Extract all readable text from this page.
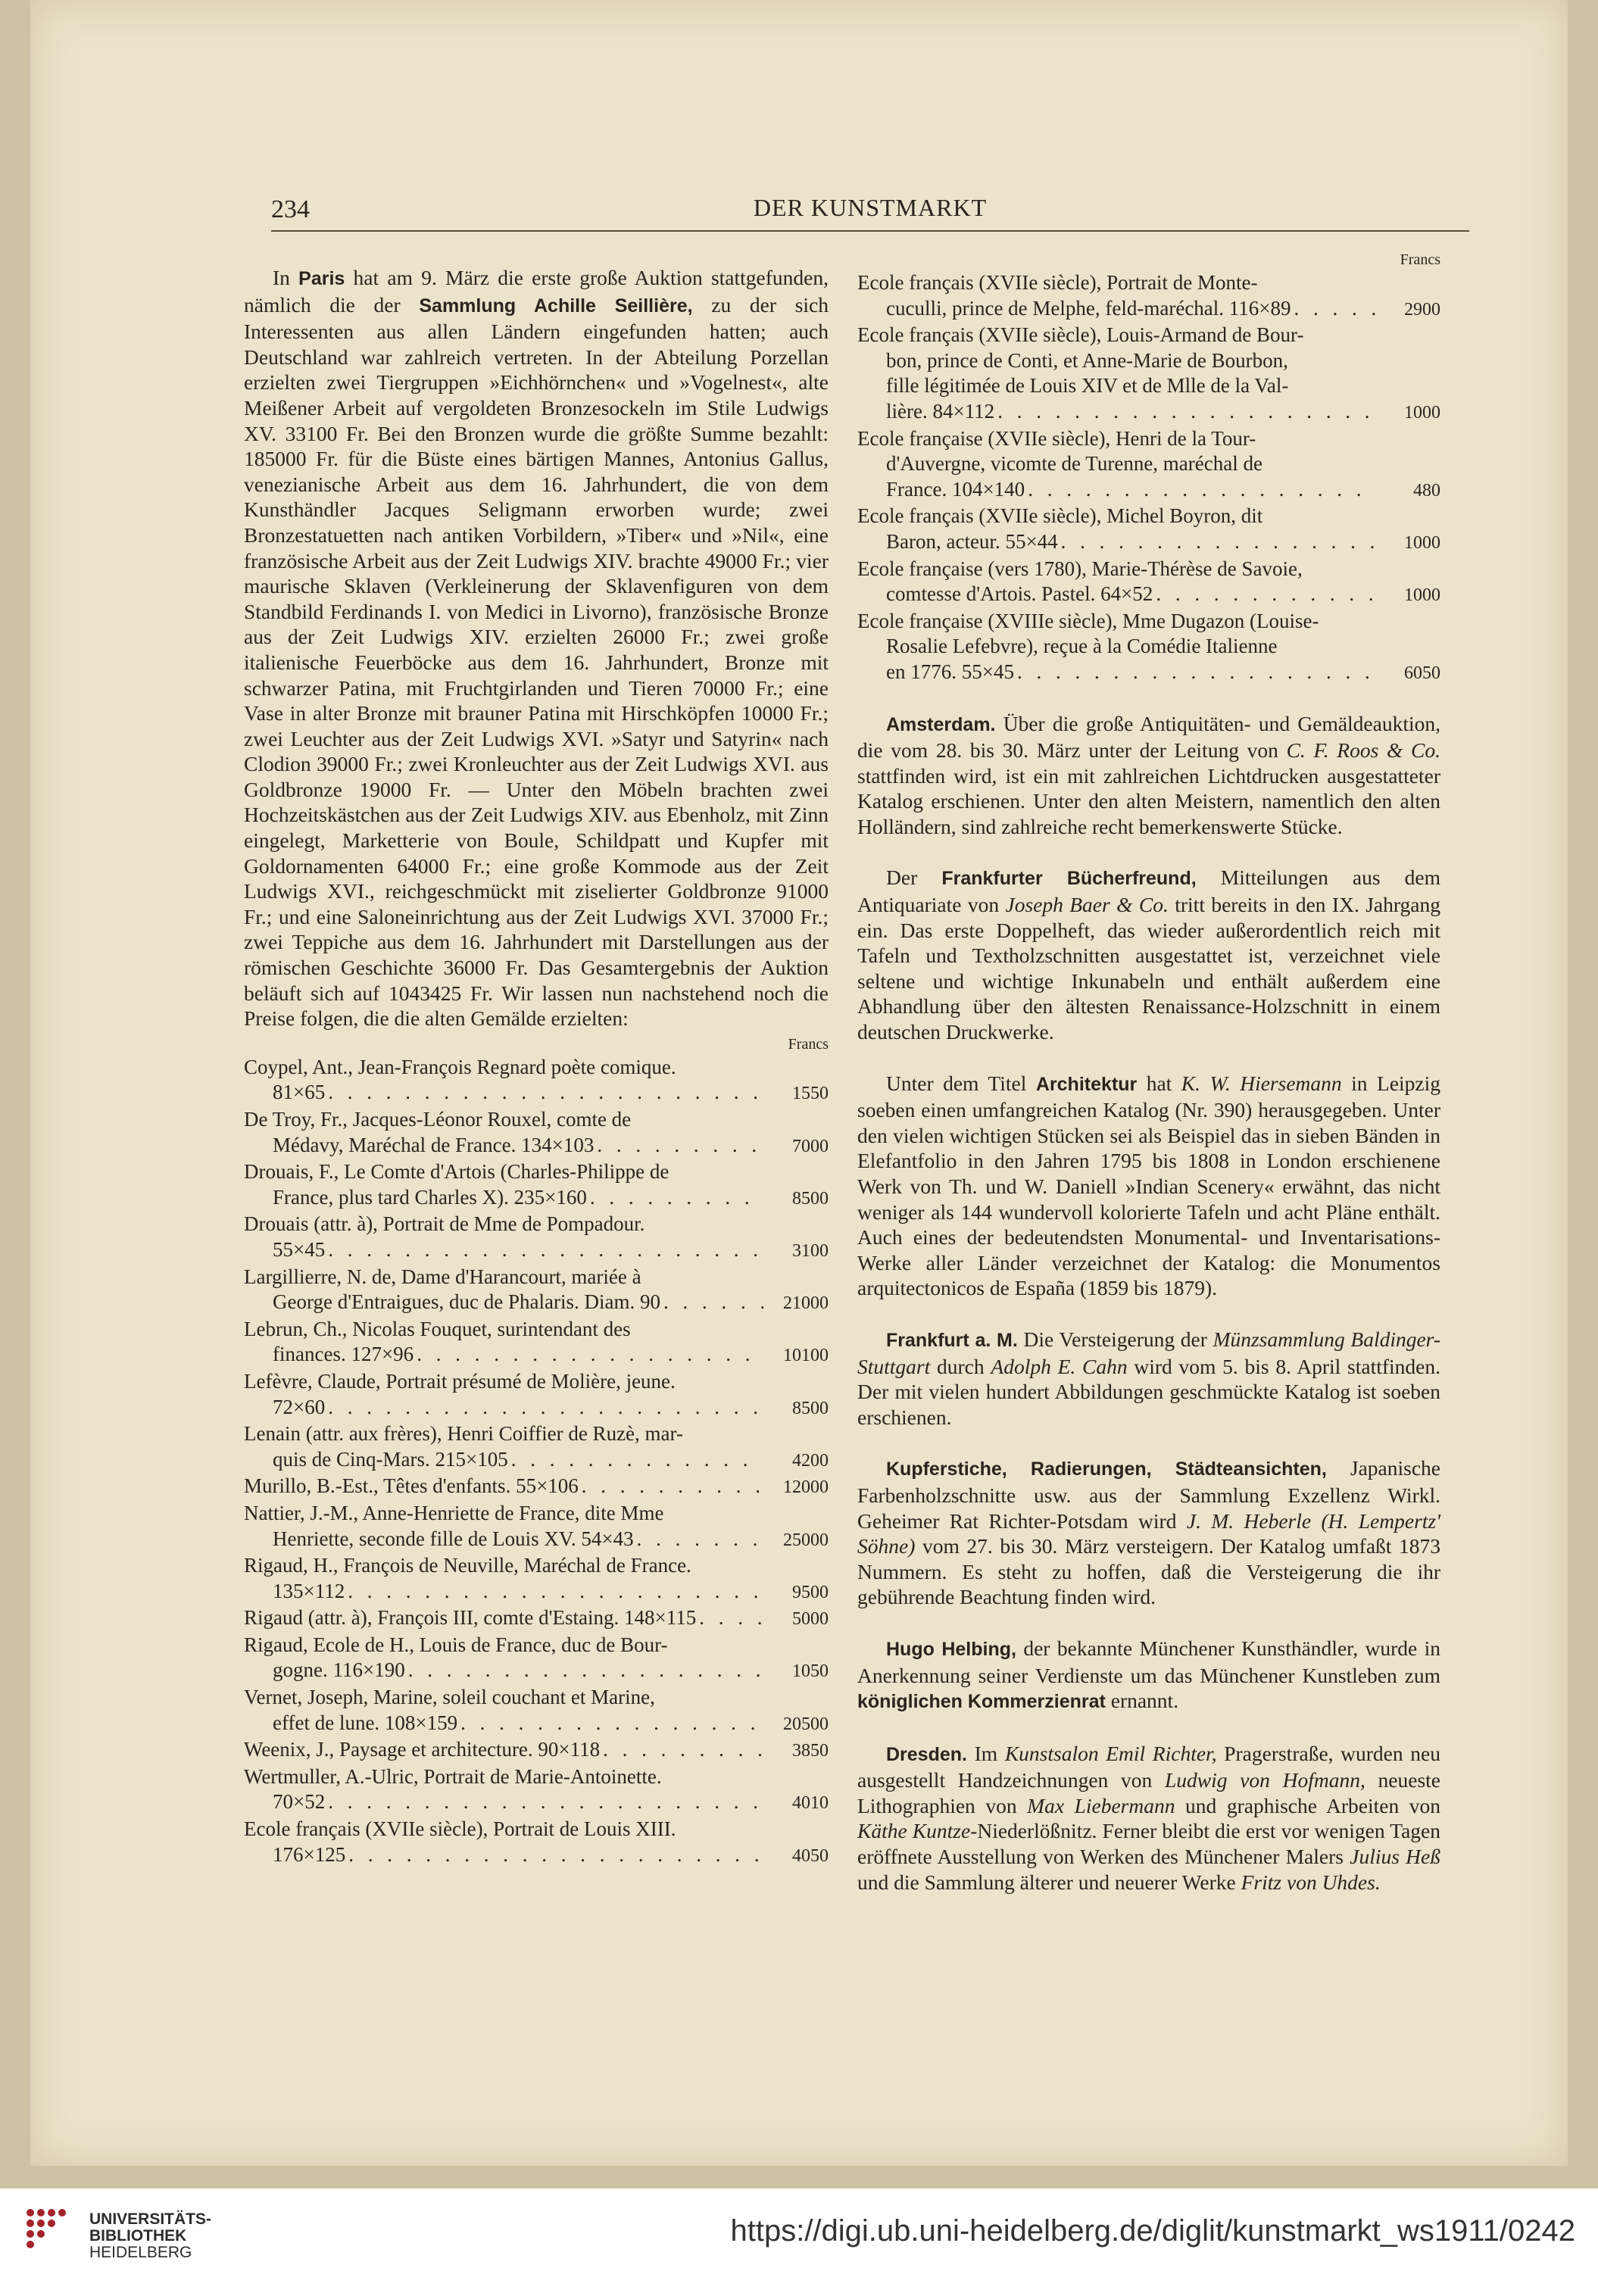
234	DER KUNSTMARKT

In Paris hat am 9. März die erste große Auktion stattgefunden, nämlich die der Sammlung Achille Seillière, zu der sich Interessenten aus allen Ländern eingefunden hatten; auch Deutschland war zahlreich vertreten. In der Abteilung Porzellan erzielten zwei Tiergruppen »Eichhörnchen« und »Vogelnest«, alte Meißener Arbeit auf vergoldeten Bronzesockeln im Stile Ludwigs XV. 33100 Fr. Bei den Bronzen wurde die größte Summe bezahlt: 185000 Fr. für die Büste eines bärtigen Mannes, Antonius Gallus, venezianische Arbeit aus dem 16. Jahrhundert, die von dem Kunsthändler Jacques Seligmann erworben wurde; zwei Bronzestatuetten nach antiken Vorbildern, »Tiber« und »Nil«, eine französische Arbeit aus der Zeit Ludwigs XIV. brachte 49000 Fr.; vier maurische Sklaven (Verkleinerung der Sklavenfiguren von dem Standbild Ferdinands I. von Medici in Livorno), französische Bronze aus der Zeit Ludwigs XIV. erzielten 26000 Fr.; zwei große italienische Feuerböcke aus dem 16. Jahrhundert, Bronze mit schwarzer Patina, mit Fruchtgirlanden und Tieren 70000 Fr.; eine Vase in alter Bronze mit brauner Patina mit Hirschköpfen 10000 Fr.; zwei Leuchter aus der Zeit Ludwigs XVI. »Satyr und Satyrin« nach Clodion 39000 Fr.; zwei Kronleuchter aus der Zeit Ludwigs XVI. aus Goldbronze 19000 Fr. — Unter den Möbeln brachten zwei Hochzeitskästchen aus der Zeit Ludwigs XIV. aus Ebenholz, mit Zinn eingelegt, Marketterie von Boule, Schildpatt und Kupfer mit Goldornamenten 64000 Fr.; eine große Kommode aus der Zeit Ludwigs XVI., reichgeschmückt mit ziselierter Goldbronze 91000 Fr.; und eine Saloneinrichtung aus der Zeit Ludwigs XVI. 37000 Fr.; zwei Teppiche aus dem 16. Jahrhundert mit Darstellungen aus der römischen Geschichte 36000 Fr. Das Gesamtergebnis der Auktion beläuft sich auf 1043425 Fr. Wir lassen nun nachstehend noch die Preise folgen, die die alten Gemälde erzielten:

Francs
Coypel, Ant., Jean-François Regnard poète comique.
81×65 . . .	1550
De Troy, Fr., Jacques-Léonor Rouxel, comte de
Médavy, Maréchal de France. 134×103 . . .	7000
Drouais, F., Le Comte d'Artois (Charles-Philippe de
France, plus tard Charles X). 235×160 . . .	8500
Drouais (attr. à), Portrait de Mme de Pompadour.
55×45 . . .	3100
Largillierre, N. de, Dame d'Harancourt, mariée à
George d'Entraigues, duc de Phalaris. Diam. 90 . . .	21000
Lebrun, Ch., Nicolas Fouquet, surintendant des
finances. 127×96 . . .	10100
Lefèvre, Claude, Portrait présumé de Molière, jeune.
72×60 . . .	8500
Lenain (attr. aux frères), Henri Coiffier de Ruzè, mar-
quis de Cinq-Mars. 215×105 . . .	4200
Murillo, B.-Est., Têtes d'enfants. 55×106 . . .	12000
Nattier, J.-M., Anne-Henriette de France, dite Mme
Henriette, seconde fille de Louis XV. 54×43 . . .	25000
Rigaud, H., François de Neuville, Maréchal de France.
135×112 . . .	9500
Rigaud (attr. à), François III, comte d'Estaing. 148×115 . . .	5000
Rigaud, Ecole de H., Louis de France, duc de Bour-
gogne. 116×190 . . .	1050
Vernet, Joseph, Marine, soleil couchant et Marine,
effet de lune. 108×159 . . .	20500
Weenix, J., Paysage et architecture. 90×118 . . .	3850
Wertmuller, A.-Ulric, Portrait de Marie-Antoinette.
70×52 . . .	4010
Ecole français (XVIIe siècle), Portrait de Louis XIII.
176×125 . . .	4050
Francs
Ecole français (XVIIe siècle), Portrait de Monte-
cuculli, prince de Melphe, feld-maréchal. 116×89 . . .	2900
Ecole français (XVIIe siècle), Louis-Armand de Bour-
bon, prince de Conti, et Anne-Marie de Bourbon,
fille légitimée de Louis XIV et de Mlle de la Val-
lière. 84×112 . . .	1000
Ecole française (XVIIe siècle), Henri de la Tour-
d'Auvergne, vicomte de Turenne, maréchal de
France. 104×140 . . .	480
Ecole français (XVIIe siècle), Michel Boyron, dit
Baron, acteur. 55×44 . . .	1000
Ecole française (vers 1780), Marie-Thérèse de Savoie,
comtesse d'Artois. Pastel. 64×52 . . .	1000
Ecole française (XVIIIe siècle), Mme Dugazon (Louise-
Rosalie Lefebvre), reçue à la Comédie Italienne
en 1776. 55×45 . . .	6050

Amsterdam. Über die große Antiquitäten- und Gemäldeauktion, die vom 28. bis 30. März unter der Leitung von C. F. Roos & Co. stattfinden wird, ist ein mit zahlreichen Lichtdrucken ausgestatteter Katalog erschienen. Unter den alten Meistern, namentlich den alten Holländern, sind zahlreiche recht bemerkenswerte Stücke.

Der Frankfurter Bücherfreund, Mitteilungen aus dem Antiquariate von Joseph Baer & Co. tritt bereits in den IX. Jahrgang ein. Das erste Doppelheft, das wieder außerordentlich reich mit Tafeln und Textholzschnitten ausgestattet ist, verzeichnet viele seltene und wichtige Inkunabeln und enthält außerdem eine Abhandlung über den ältesten Renaissance-Holzschnitt in einem deutschen Druckwerke.

Unter dem Titel Architektur hat K. W. Hiersemann in Leipzig soeben einen umfangreichen Katalog (Nr. 390) herausgegeben. Unter den vielen wichtigen Stücken sei als Beispiel das in sieben Bänden in Elefantfolio in den Jahren 1795 bis 1808 in London erschienene Werk von Th. und W. Daniell »Indian Scenery« erwähnt, das nicht weniger als 144 wundervoll kolorierte Tafeln und acht Pläne enthält. Auch eines der bedeutendsten Monumental- und Inventarisations-Werke aller Länder verzeichnet der Katalog: die Monumentos arquitectonicos de España (1859 bis 1879).

Frankfurt a. M. Die Versteigerung der Münzsammlung Baldinger-Stuttgart durch Adolph E. Cahn wird vom 5. bis 8. April stattfinden. Der mit vielen hundert Abbildungen geschmückte Katalog ist soeben erschienen.

Kupferstiche, Radierungen, Städteansichten, Japanische Farbenholzschnitte usw. aus der Sammlung Exzellenz Wirkl. Geheimer Rat Richter-Potsdam wird J. M. Heberle (H. Lempertz' Söhne) vom 27. bis 30. März versteigern. Der Katalog umfaßt 1873 Nummern. Es steht zu hoffen, daß die Versteigerung die ihr gebührende Beachtung finden wird.

Hugo Helbing, der bekannte Münchener Kunsthändler, wurde in Anerkennung seiner Verdienste um das Münchener Kunstleben zum königlichen Kommerzienrat ernannt.

Dresden. Im Kunstsalon Emil Richter, Pragerstraße, wurden neu ausgestellt Handzeichnungen von Ludwig von Hofmann, neueste Lithographien von Max Liebermann und graphische Arbeiten von Käthe Kuntze-Niederlößnitz. Ferner bleibt die erst vor wenigen Tagen eröffnete Ausstellung von Werken des Münchener Malers Julius Heß und die Sammlung älterer und neuerer Werke Fritz von Uhdes.

UNIVERSITÄTS-
BIBLIOTHEK
HEIDELBERG
https://digi.ub.uni-heidelberg.de/diglit/kunstmarkt_ws1911/0242
